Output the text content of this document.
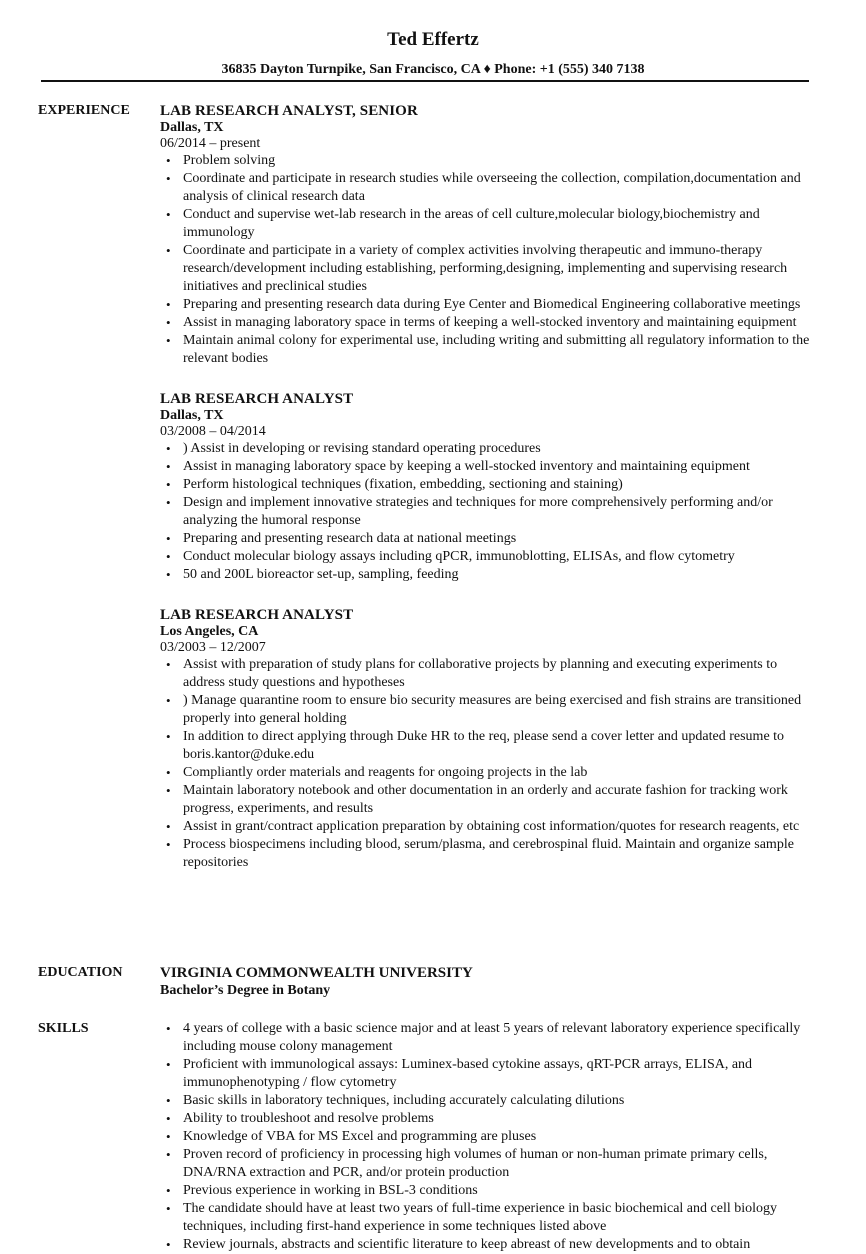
Ted Effertz
36835 Dayton Turnpike, San Francisco, CA ♦ Phone: +1 (555) 340 7138
EXPERIENCE LAB RESEARCH ANALYST, SENIOR
Dallas, TX
06/2014 – present
• Problem solving
• Coordinate and participate in research studies while overseeing the collection, compilation,documentation and analysis of clinical research data
• Conduct and supervise wet-lab research in the areas of cell culture,molecular biology,biochemistry and immunology
• Coordinate and participate in a variety of complex activities involving therapeutic and immuno-therapy research/development including establishing, performing,designing, implementing and supervising research initiatives and preclinical studies
• Preparing and presenting research data during Eye Center and Biomedical Engineering collaborative meetings
• Assist in managing laboratory space in terms of keeping a well-stocked inventory and maintaining equipment
• Maintain animal colony for experimental use, including writing and submitting all regulatory information to the relevant bodies
LAB RESEARCH ANALYST
Dallas, TX
03/2008 – 04/2014
• ) Assist in developing or revising standard operating procedures
• Assist in managing laboratory space by keeping a well-stocked inventory and maintaining equipment
• Perform histological techniques (fixation, embedding, sectioning and staining)
• Design and implement innovative strategies and techniques for more comprehensively performing and/or analyzing the humoral response
• Preparing and presenting research data at national meetings
• Conduct molecular biology assays including qPCR, immunoblotting, ELISAs, and flow cytometry
• 50 and 200L bioreactor set-up, sampling, feeding
LAB RESEARCH ANALYST
Los Angeles, CA
03/2003 – 12/2007
• Assist with preparation of study plans for collaborative projects by planning and executing experiments to address study questions and hypotheses
• ) Manage quarantine room to ensure bio security measures are being exercised and fish strains are transitioned properly into general holding
• In addition to direct applying through Duke HR to the req, please send a cover letter and updated resume to boris.kantor@duke.edu
• Compliantly order materials and reagents for ongoing projects in the lab
• Maintain laboratory notebook and other documentation in an orderly and accurate fashion for tracking work progress, experiments, and results
• Assist in grant/contract application preparation by obtaining cost information/quotes for research reagents, etc
• Process biospecimens including blood, serum/plasma, and cerebrospinal fluid. Maintain and organize sample repositories
EDUCATION VIRGINIA COMMONWEALTH UNIVERSITY
Bachelor’s Degree in Botany
SKILLS
•	4 years of college with a basic science major and at least 5 years of relevant laboratory experience specifically including mouse colony management
• Proficient with immunological assays: Luminex-based cytokine assays, qRT-PCR arrays, ELISA, and immunophenotyping / flow cytometry
• Basic skills in laboratory techniques, including accurately calculating dilutions
• Ability to troubleshoot and resolve problems
• Knowledge of VBA for MS Excel and programming are pluses
• Proven record of proficiency in processing high volumes of human or non-human primate primary cells, DNA/RNA extraction and PCR, and/or protein production
• Previous experience in working in BSL-3 conditions
• The candidate should have at least two years of full-time experience in basic biochemical and cell biology techniques, including first-hand experience in some techniques listed above
• Review journals, abstracts and scientific literature to keep abreast of new developments and to obtain
